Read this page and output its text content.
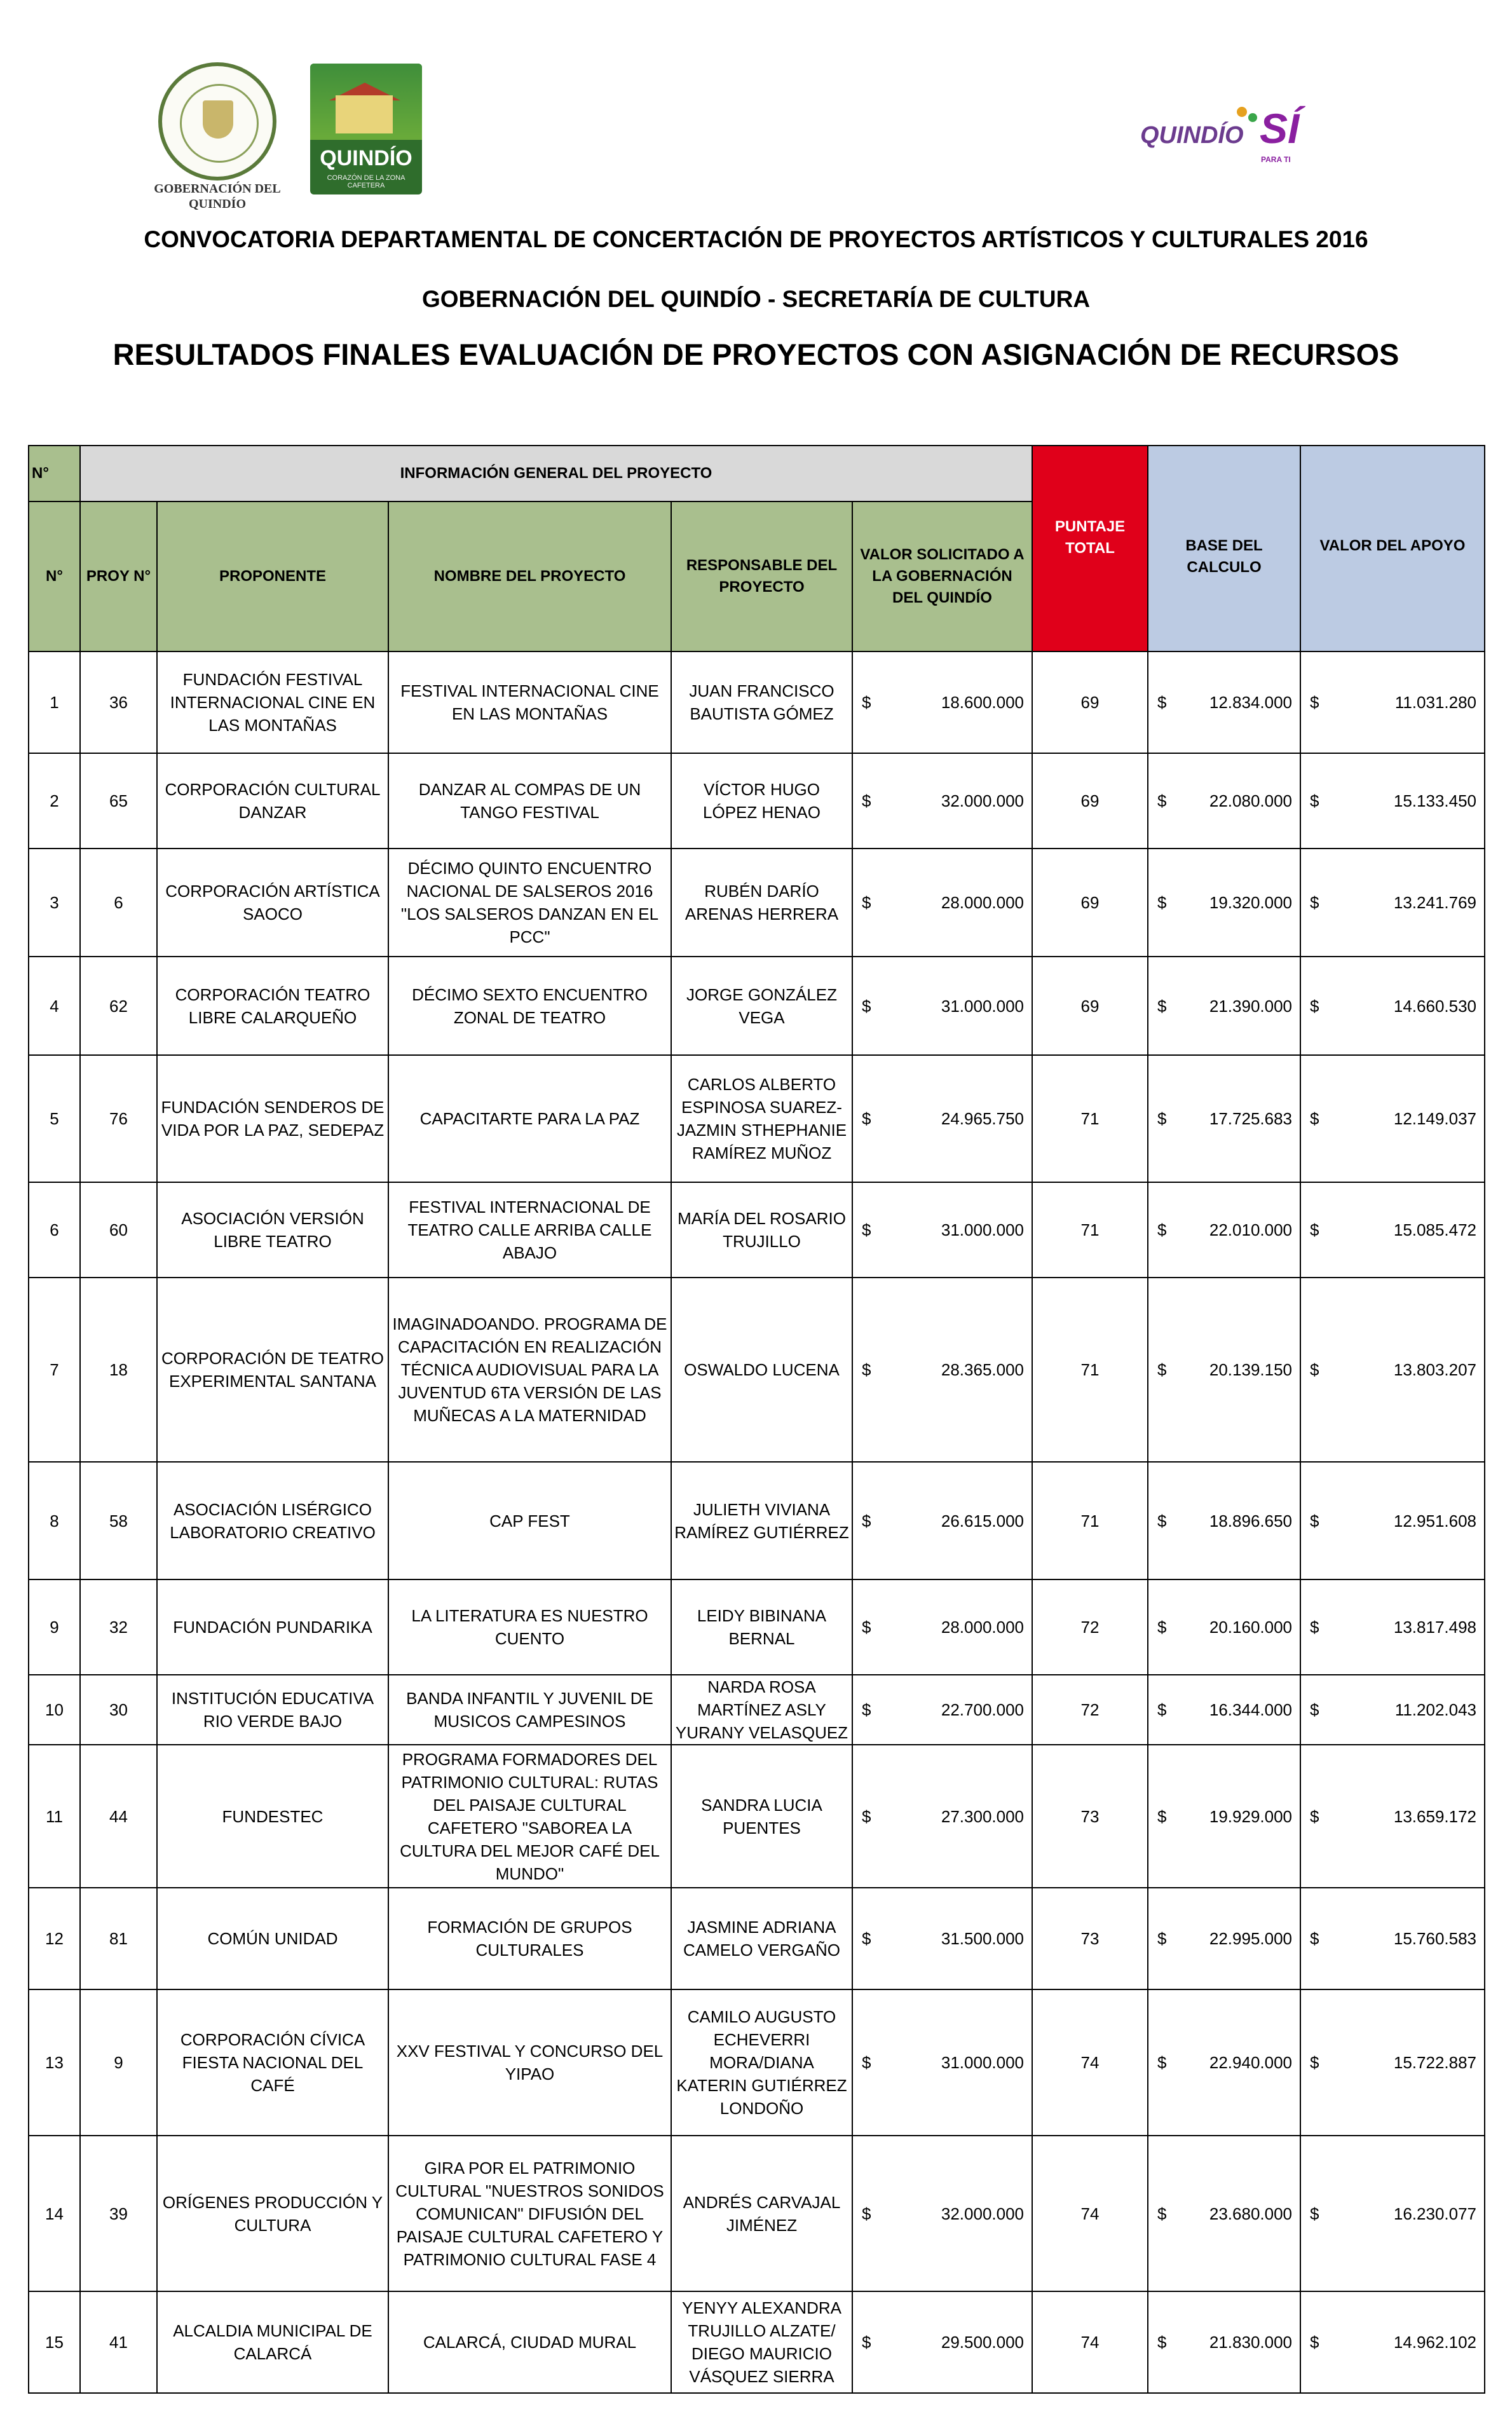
GOBERNACIÓN DEL
QUINDÍO
QUINDÍO
CORAZÓN DE LA ZONA CAFETERA
QUINDÍO SÍ
PARA TI
CONVOCATORIA DEPARTAMENTAL DE CONCERTACIÓN DE PROYECTOS ARTÍSTICOS Y CULTURALES 2016
GOBERNACIÓN DEL QUINDÍO - SECRETARÍA DE CULTURA
RESULTADOS FINALES EVALUACIÓN DE PROYECTOS CON ASIGNACIÓN DE RECURSOS
N°	INFORMACIÓN GENERAL DEL PROYECTO					PUNTAJE TOTAL	BASE DEL CALCULO	VALOR DEL APOYO
N°	PROY N°	PROPONENTE	NOMBRE DEL PROYECTO	RESPONSABLE DEL PROYECTO	VALOR SOLICITADO A LA GOBERNACIÓN DEL QUINDÍO			
1	36	FUNDACIÓN FESTIVAL INTERNACIONAL CINE EN LAS MONTAÑAS	FESTIVAL INTERNACIONAL CINE EN LAS MONTAÑAS	JUAN FRANCISCO BAUTISTA GÓMEZ	$ 18.600.000	69	$ 12.834.000	$ 11.031.280
2	65	CORPORACIÓN CULTURAL DANZAR	DANZAR AL COMPAS DE UN TANGO FESTIVAL	VÍCTOR HUGO LÓPEZ HENAO	$ 32.000.000	69	$ 22.080.000	$ 15.133.450
3	6	CORPORACIÓN ARTÍSTICA SAOCO	DÉCIMO QUINTO ENCUENTRO NACIONAL DE SALSEROS 2016 "LOS SALSEROS DANZAN EN EL PCC"	RUBÉN DARÍO ARENAS HERRERA	$ 28.000.000	69	$ 19.320.000	$ 13.241.769
4	62	CORPORACIÓN TEATRO LIBRE CALARQUEÑO	DÉCIMO SEXTO ENCUENTRO ZONAL DE TEATRO	JORGE GONZÁLEZ VEGA	$ 31.000.000	69	$ 21.390.000	$ 14.660.530
5	76	FUNDACIÓN SENDEROS DE VIDA POR LA PAZ, SEDEPAZ	CAPACITARTE PARA LA PAZ	CARLOS ALBERTO ESPINOSA SUAREZ- JAZMIN STHEPHANIE RAMÍREZ MUÑOZ	$ 24.965.750	71	$ 17.725.683	$ 12.149.037
6	60	ASOCIACIÓN VERSIÓN LIBRE TEATRO	FESTIVAL INTERNACIONAL DE TEATRO CALLE ARRIBA CALLE ABAJO	MARÍA DEL ROSARIO TRUJILLO	$ 31.000.000	71	$ 22.010.000	$ 15.085.472
7	18	CORPORACIÓN DE TEATRO EXPERIMENTAL SANTANA	IMAGINADOANDO. PROGRAMA DE CAPACITACIÓN EN REALIZACIÓN TÉCNICA AUDIOVISUAL PARA LA JUVENTUD 6TA VERSIÓN DE LAS MUÑECAS A LA MATERNIDAD	OSWALDO LUCENA	$ 28.365.000	71	$ 20.139.150	$ 13.803.207
8	58	ASOCIACIÓN LISÉRGICO LABORATORIO CREATIVO	CAP FEST	JULIETH VIVIANA RAMÍREZ GUTIÉRREZ	$ 26.615.000	71	$ 18.896.650	$ 12.951.608
9	32	FUNDACIÓN PUNDARIKA	LA LITERATURA ES NUESTRO CUENTO	LEIDY BIBINANA BERNAL	$ 28.000.000	72	$ 20.160.000	$ 13.817.498
10	30	INSTITUCIÓN EDUCATIVA RIO VERDE BAJO	BANDA INFANTIL Y JUVENIL DE MUSICOS CAMPESINOS	NARDA ROSA MARTÍNEZ ASLY YURANY VELASQUEZ	$ 22.700.000	72	$ 16.344.000	$ 11.202.043
11	44	FUNDESTEC	PROGRAMA FORMADORES DEL PATRIMONIO CULTURAL: RUTAS DEL PAISAJE CULTURAL CAFETERO "SABOREA LA CULTURA DEL MEJOR CAFÉ DEL MUNDO"	SANDRA LUCIA PUENTES	$ 27.300.000	73	$ 19.929.000	$ 13.659.172
12	81	COMÚN UNIDAD	FORMACIÓN DE GRUPOS CULTURALES	JASMINE ADRIANA CAMELO VERGAÑO	$ 31.500.000	73	$ 22.995.000	$ 15.760.583
13	9	CORPORACIÓN CÍVICA FIESTA NACIONAL DEL CAFÉ	XXV FESTIVAL Y CONCURSO DEL YIPAO	CAMILO AUGUSTO ECHEVERRI MORA/DIANA KATERIN GUTIÉRREZ LONDOÑO	$ 31.000.000	74	$ 22.940.000	$ 15.722.887
14	39	ORÍGENES PRODUCCIÓN Y CULTURA	GIRA POR EL PATRIMONIO CULTURAL "NUESTROS SONIDOS COMUNICAN" DIFUSIÓN DEL PAISAJE CULTURAL CAFETERO Y PATRIMONIO CULTURAL FASE 4	ANDRÉS CARVAJAL JIMÉNEZ	$ 32.000.000	74	$ 23.680.000	$ 16.230.077
15	41	ALCALDIA MUNICIPAL DE CALARCÁ	CALARCÁ, CIUDAD MURAL	YENYY ALEXANDRA TRUJILLO ALZATE/ DIEGO MAURICIO VÁSQUEZ SIERRA	$ 29.500.000	74	$ 21.830.000	$ 14.962.102
